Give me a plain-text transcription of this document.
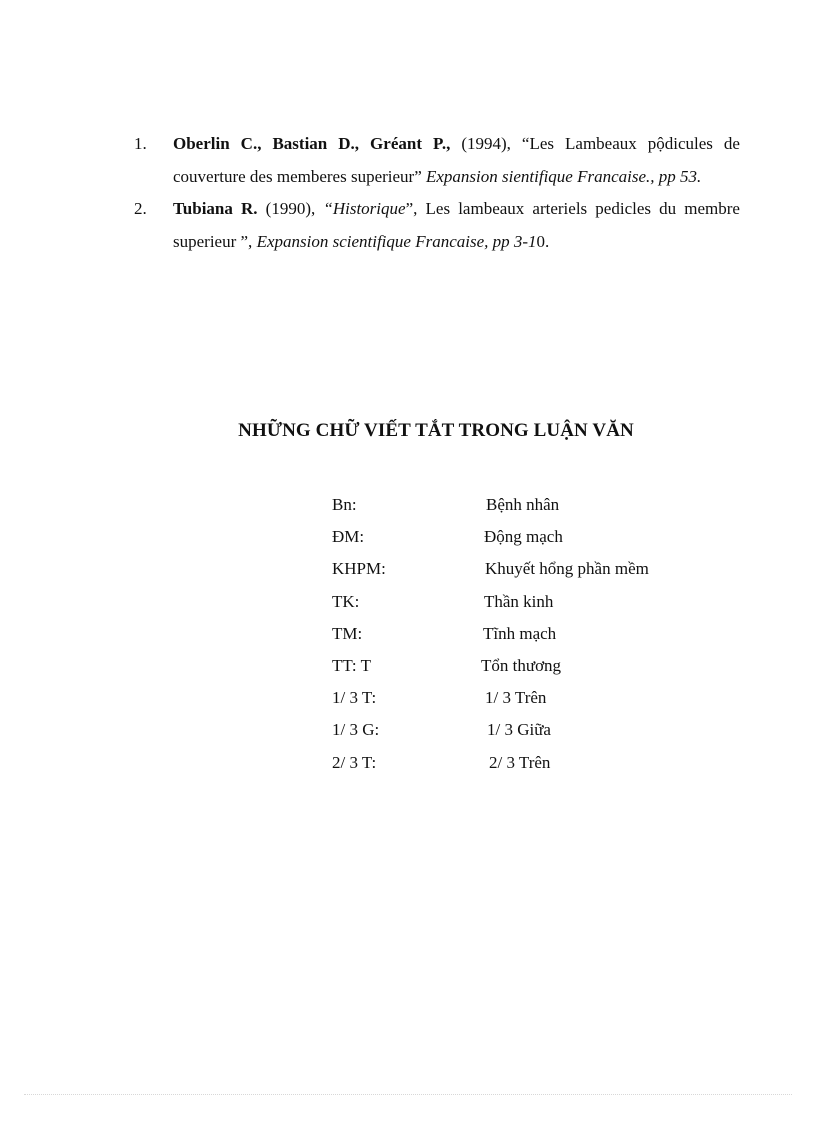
1. Oberlin C., Bastian D., Gréant P., (1994), “Les Lambeaux pộdicules de couverture des memberes superieur” Expansion sientifique Francaise., pp 53.
2. Tubiana R. (1990), “Historique”, Les lambeaux arteriels pedicles du membre superieur ”, Expansion scientifique Francaise, pp 3-10.
NHỮNG CHỮ VIẾT TẮT TRONG LUẬN VĂN
Bn:	Bệnh nhân
ĐM:	Động mạch
KHPM:	Khuyết hổng phần mềm
TK:	Thần kinh
TM:	Tĩnh mạch
TT: T	Tổn thương
1/ 3 T:	1/ 3 Trên
1/ 3 G:	1/ 3 Giữa
2/ 3 T:	2/ 3 Trên
